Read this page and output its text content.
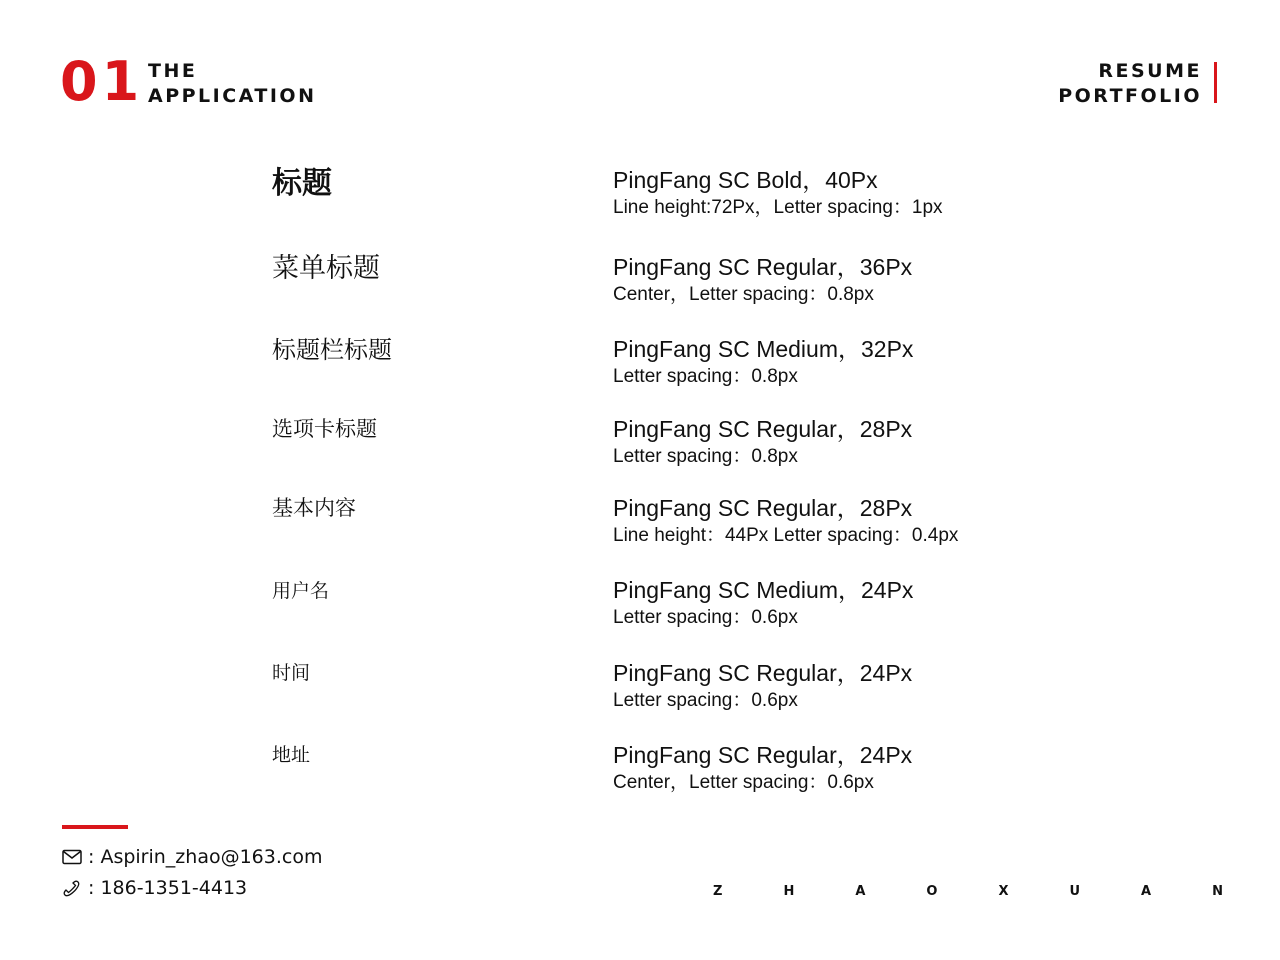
01 THE
APPLICATION
RESUME
PORTFOLIO
标题	PingFang SC Bold，40Px
Line height:72Px，Letter spacing：1px
菜单标题	PingFang SC Regular，36Px
Center，Letter spacing：0.8px
标题栏标题	PingFang SC Medium，32Px
Letter spacing：0.8px
选项卡标题	PingFang SC Regular，28Px
Letter spacing：0.8px
基本内容	PingFang SC Regular，28Px
Line height：44Px Letter spacing：0.4px
用户名	PingFang SC Medium，24Px
Letter spacing：0.6px
时间	PingFang SC Regular，24Px
Letter spacing：0.6px
地址	PingFang SC Regular，24Px
Center，Letter spacing：0.6px
: Aspirin_zhao@163.com
: 186-1351-4413	Z	H	A	O	X	U	A	N
